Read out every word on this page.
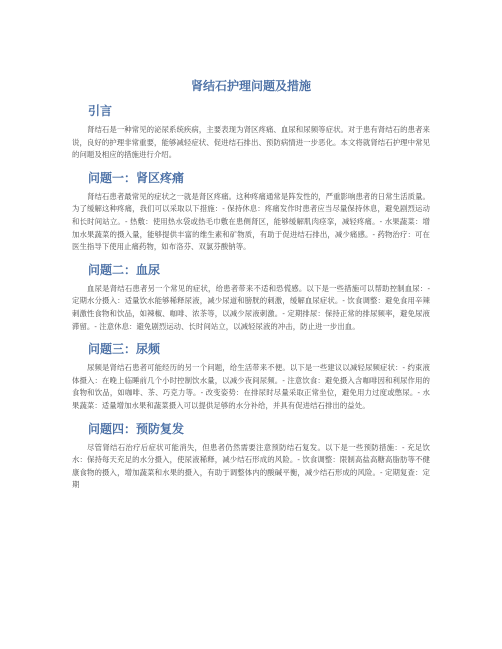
肾结石护理问题及措施
引言

肾结石是一种常见的泌尿系统疾病，主要表现为肾区疼痛、血尿和尿频等症状。对于患有肾结石的患者来说，良好的护理非常重要，能够减轻症状、促进结石排出、预防病情进一步恶化。本文将就肾结石护理中常见的问题及相应的措施进行介绍。

问题一：肾区疼痛

肾结石患者最常见的症状之一就是肾区疼痛。这种疼痛通常是阵发性的，严重影响患者的日常生活质量。为了缓解这种疼痛，我们可以采取以下措施：- 保持休息：疼痛发作时患者应当尽量保持休息，避免剧烈运动和长时间站立。- 热敷：使用热水袋或热毛巾敷在患侧肾区，能够缓解肌肉痉挛，减轻疼痛。- 水果蔬菜：增加水果蔬菜的摄入量，能够提供丰富的维生素和矿物质，有助于促进结石排出，减少痛感。- 药物治疗：可在医生指导下使用止痛药物，如布洛芬、双氯芬酸钠等。

问题二：血尿

血尿是肾结石患者另一个常见的症状，给患者带来不适和恐慌感。以下是一些措施可以帮助控制血尿：- 定期水分摄入：适量饮水能够稀释尿液，减少尿道和膀胱的刺激，缓解血尿症状。- 饮食调整：避免食用辛辣刺激性食物和饮品，如辣椒、咖啡、浓茶等，以减少尿液刺激。- 定期排尿：保持正常的排尿频率，避免尿液滞留。- 注意休息：避免剧烈运动、长时间站立，以减轻尿液的冲击，防止进一步出血。

问题三：尿频

尿频是肾结石患者可能经历的另一个问题，给生活带来不便。以下是一些建议以减轻尿频症状：- 约束液体摄入：在晚上临睡前几个小时控制饮水量，以减少夜间尿频。- 注意饮食：避免摄入含咖啡因和利尿作用的食物和饮品，如咖啡、茶、巧克力等。- 改变姿势：在排尿时尽量采取正常坐位，避免用力过度或憋尿。- 水果蔬菜：适量增加水果和蔬菜摄入可以提供足够的水分补给，并具有促进结石排出的益处。

问题四：预防复发

尽管肾结石治疗后症状可能消失，但患者仍然需要注意预防结石复发。以下是一些预防措施：- 充足饮水：保持每天充足的水分摄入，使尿液稀释，减少结石形成的风险。- 饮食调整：限制高盐高糖高脂肪等不健康食物的摄入，增加蔬菜和水果的摄入，有助于调整体内的酸碱平衡，减少结石形成的风险。- 定期复查：定期
